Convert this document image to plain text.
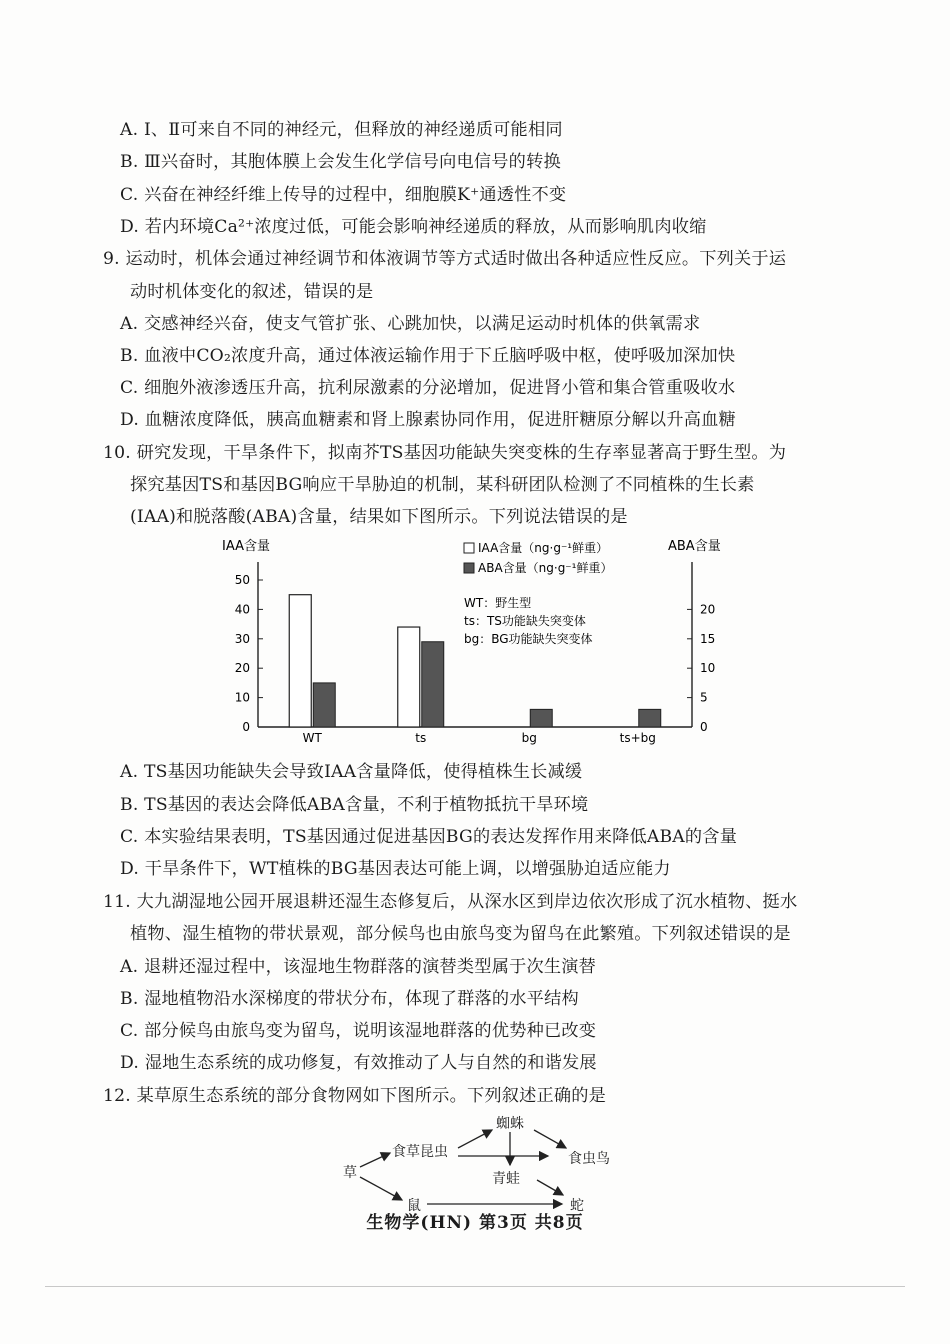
A. Ⅰ、Ⅱ可来自不同的神经元，但释放的神经递质可能相同
B. Ⅲ兴奋时，其胞体膜上会发生化学信号向电信号的转换
C. 兴奋在神经纤维上传导的过程中，细胞膜K⁺通透性不变
D. 若内环境Ca²⁺浓度过低，可能会影响神经递质的释放，从而影响肌肉收缩
9. 运动时，机体会通过神经调节和体液调节等方式适时做出各种适应性反应。下列关于运
动时机体变化的叙述，错误的是
A. 交感神经兴奋，使支气管扩张、心跳加快，以满足运动时机体的供氧需求
B. 血液中CO₂浓度升高，通过体液运输作用于下丘脑呼吸中枢，使呼吸加深加快
C. 细胞外液渗透压升高，抗利尿激素的分泌增加，促进肾小管和集合管重吸收水
D. 血糖浓度降低，胰高血糖素和肾上腺素协同作用，促进肝糖原分解以升高血糖
10. 研究发现，干旱条件下，拟南芥TS基因功能缺失突变株的生存率显著高于野生型。为
探究基因TS和基因BG响应干旱胁迫的机制，某科研团队检测了不同植株的生长素
(IAA)和脱落酸(ABA)含量，结果如下图所示。下列说法错误的是
IAA含量	ABA含量
IAA含量（ng·g⁻¹鲜重）
ABA含量（ng·g⁻¹鲜重）
WT：野生型
ts：TS功能缺失突变体
bg：BG功能缺失突变体
0
10
20
30
40
50
0
5
10
15
20
WT	ts	bg	ts+bg
A. TS基因功能缺失会导致IAA含量降低，使得植株生长减缓
B. TS基因的表达会降低ABA含量，不利于植物抵抗干旱环境
C. 本实验结果表明，TS基因通过促进基因BG的表达发挥作用来降低ABA的含量
D. 干旱条件下，WT植株的BG基因表达可能上调，以增强胁迫适应能力
11. 大九湖湿地公园开展退耕还湿生态修复后，从深水区到岸边依次形成了沉水植物、挺水
植物、湿生植物的带状景观，部分候鸟也由旅鸟变为留鸟在此繁殖。下列叙述错误的是
A. 退耕还湿过程中，该湿地生物群落的演替类型属于次生演替
B. 湿地植物沿水深梯度的带状分布，体现了群落的水平结构
C. 部分候鸟由旅鸟变为留鸟，说明该湿地群落的优势种已改变
D. 湿地生态系统的成功修复，有效推动了人与自然的和谐发展
12. 某草原生态系统的部分食物网如下图所示。下列叙述正确的是
草
食草昆虫
蜘蛛
食虫鸟
青蛙
鼠	蛇
生物学(HN) 第3页 共8页
